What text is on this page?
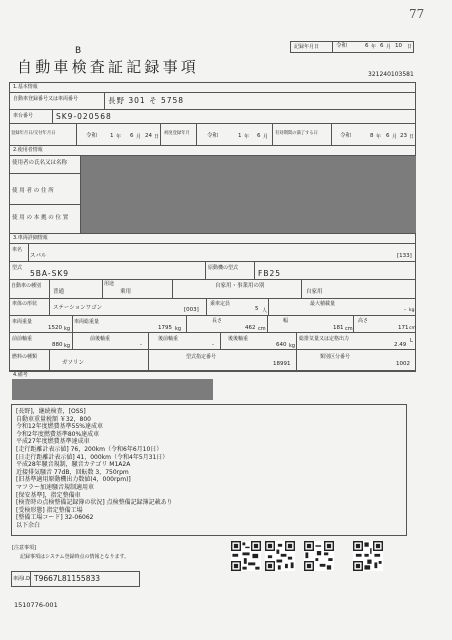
77
B	記録年月日	令和	6 年 6 月 10 日
自動車検査証記録事項	321240103581
1.基本情報
自動車登録番号又は車両番号	長野 301 そ 5758
車台番号	SK9-020568
登録年月日/交付年月日	令和 1 年 6 月 24 日
初度登録年月	令和	1 年 6 月
有効期間の満了する日	令和	8 年 6 月 23 日
2.使用者情報
使用者の氏名又は名称
使 用 者 の 住 所
使 用 の 本 拠 の 位 置
3.車両詳細情報
車名
スバル	[133]
型式
5BA-SK9
原動機の型式
FB25
自動車の種別
普通
用途
乗用
自家用・事業用の別
自家用
車体の形状
ステーションワゴン	[003]
乗車定員
5 人
最大積載量
- kg
車両重量
1520 kg
車両総重量
1795 kg
長さ
462 cm
幅
181 cm
高さ
171 cm
前前軸重
880 kg
前後軸重
-
後前軸重
-
後後軸重
640 kg
総排気量又は定格出力
2.49
L
燃料の種類
ガソリン
型式指定番号
18991
類別区分番号
1002
4.備考
[長野]，継続検査，[OSS]
自動車重量税額 ￥32，800
令和12年度燃費基準55%達成車
令和2年度燃費基準80%達成車
平成27年度燃費基準達成車
[走行距離計表示値] 76，200km（令和6年6月10日）
[日走行距離計表示値] 41，000km（令和4年5月31日）
平成28年騒音規制，騒音カテゴリ M1A2A
近接排気騒音 77dB，回転数 3，750rpm
[旧基準適用原動機出力数値(4，000rpm)]
マフラー加速騒音規制適用車
[保安基準]，指定整備車
[検査時の点検整備記録簿の状況] 点検整備記録簿記載あり
[受検形態] 指定整備工場
[整備工場コード] 32-06062
以下余白
[注意事項]
記録事項はシステム登録時点の情報となります。
車両I.D T9667L81155833
1510776-001
